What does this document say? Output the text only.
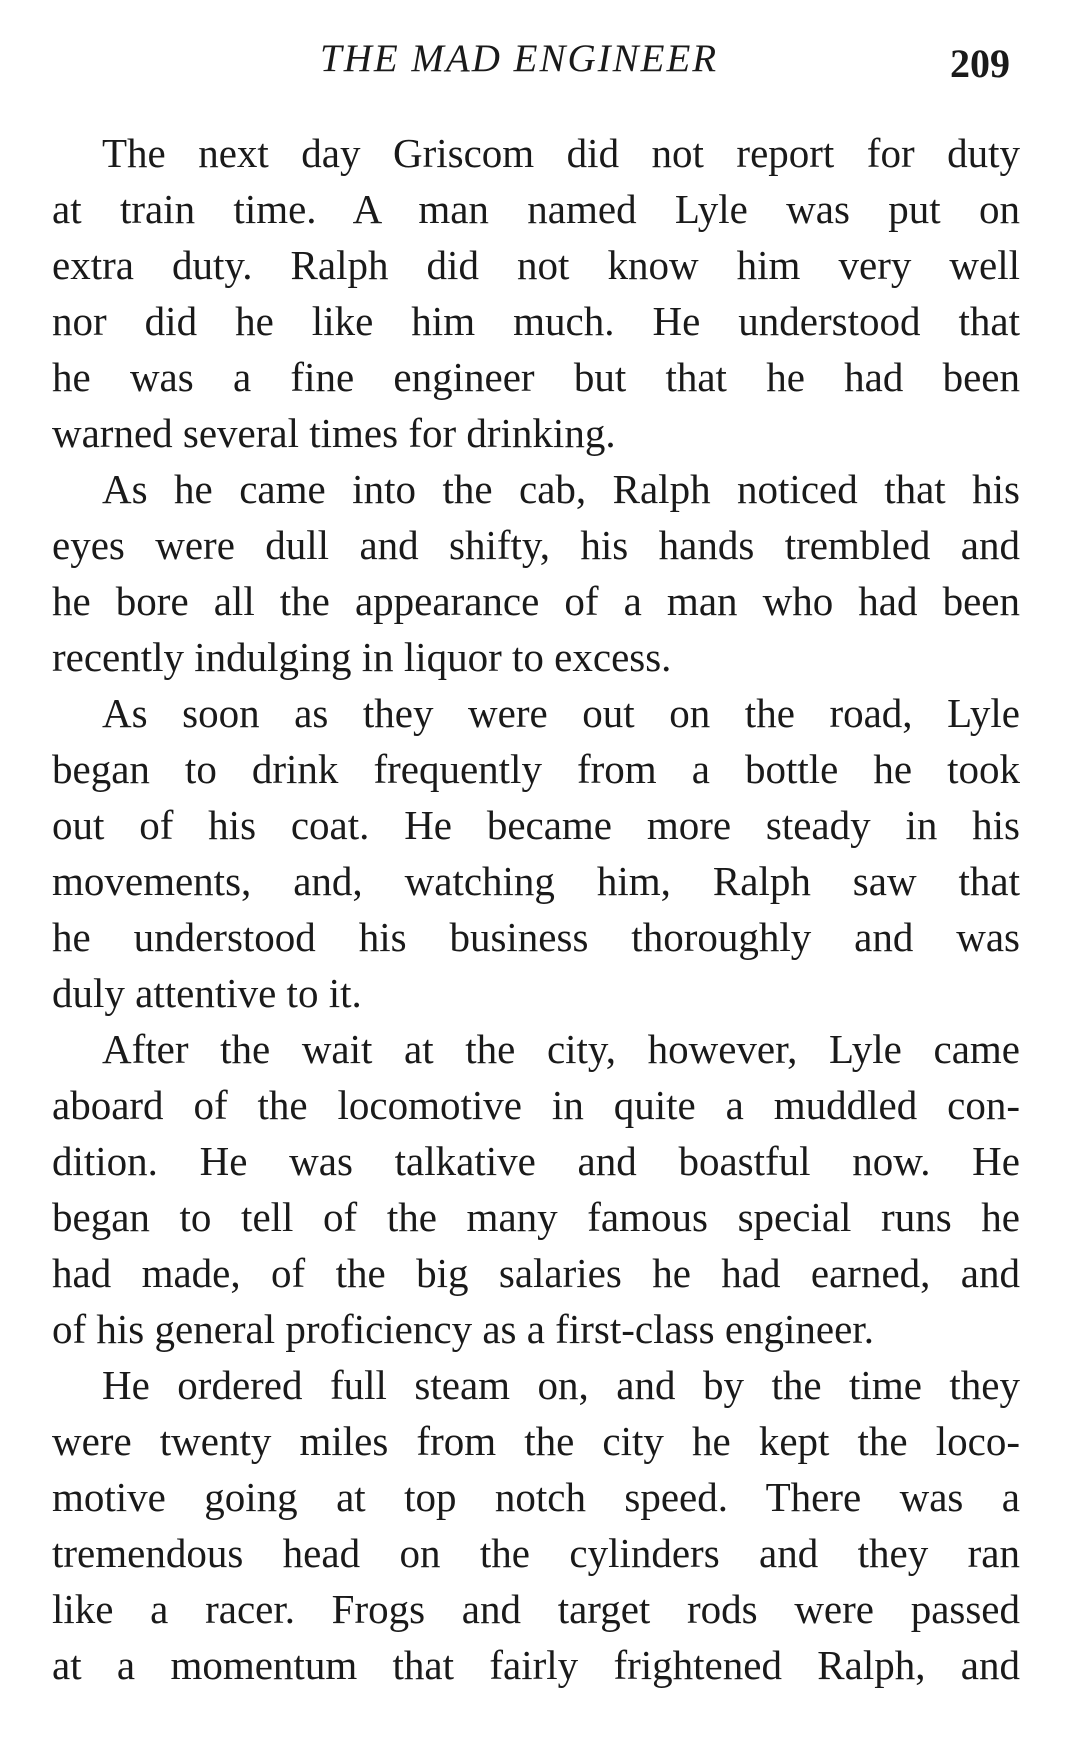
THE MAD ENGINEER	209
The next day Griscom did not report for duty
at train time. A man named Lyle was put on
extra duty. Ralph did not know him very well
nor did he like him much. He understood that
he was a fine engineer but that he had been
warned several times for drinking.
As he came into the cab, Ralph noticed that his
eyes were dull and shifty, his hands trembled and
he bore all the appearance of a man who had been
recently indulging in liquor to excess.
As soon as they were out on the road, Lyle
began to drink frequently from a bottle he took
out of his coat. He became more steady in his
movements, and, watching him, Ralph saw that
he understood his business thoroughly and was
duly attentive to it.
After the wait at the city, however, Lyle came
aboard of the locomotive in quite a muddled con-
dition. He was talkative and boastful now. He
began to tell of the many famous special runs he
had made, of the big salaries he had earned, and
of his general proficiency as a first-class engineer.
He ordered full steam on, and by the time they
were twenty miles from the city he kept the loco-
motive going at top notch speed. There was a
tremendous head on the cylinders and they ran
like a racer. Frogs and target rods were passed
at a momentum that fairly frightened Ralph, and
